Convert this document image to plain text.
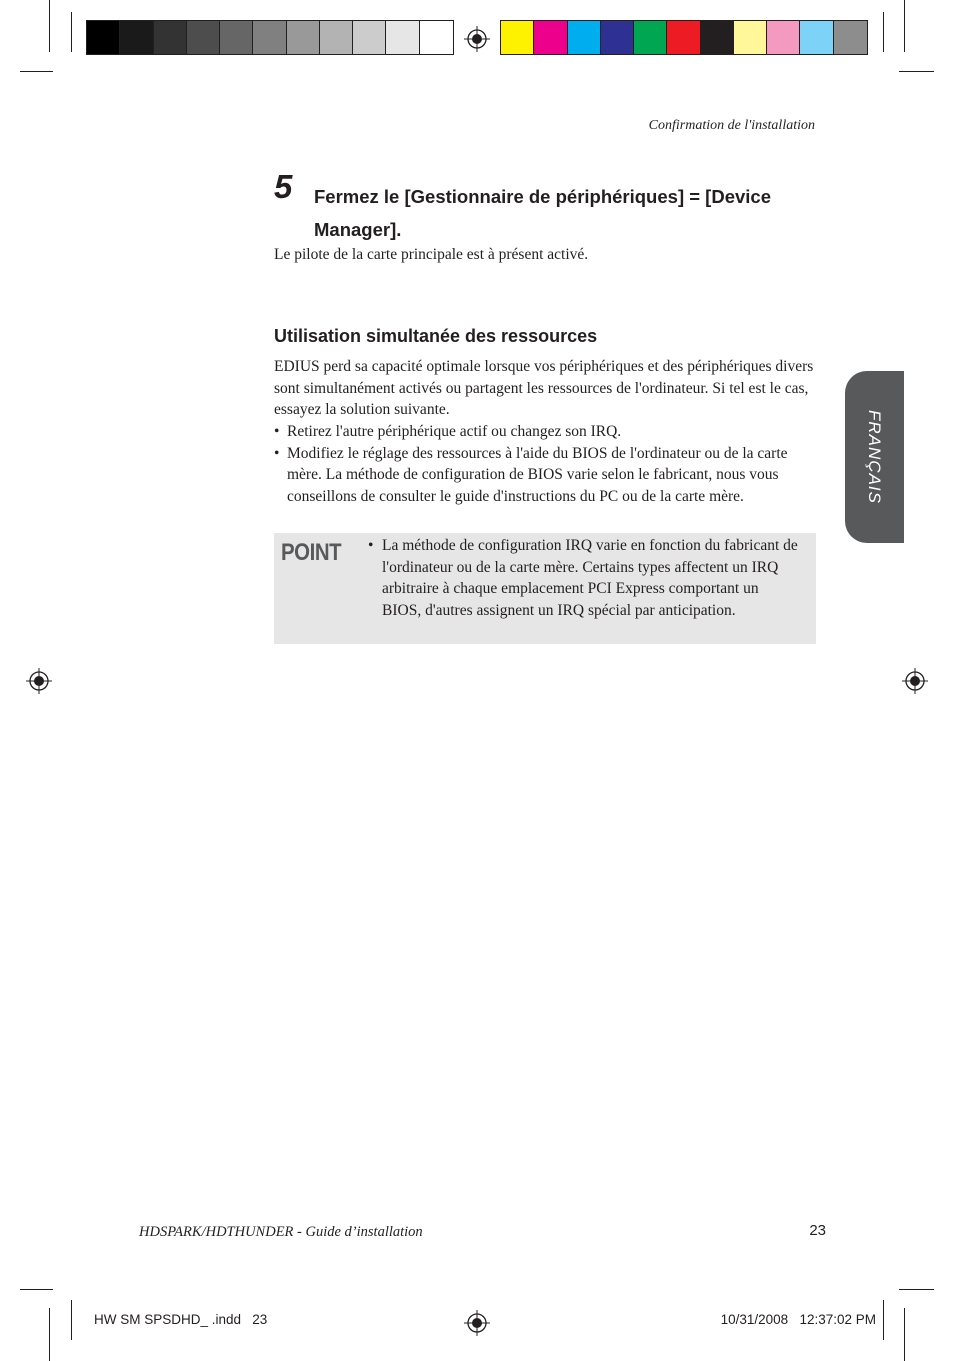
Confirmation de l'installation
5 Fermez le [Gestionnaire de périphériques] = [Device Manager].
Le pilote de la carte principale est à présent activé.
Utilisation simultanée des ressources
EDIUS perd sa capacité optimale lorsque vos périphériques et des périphériques divers sont simultanément activés ou partagent les ressources de l'ordinateur. Si tel est le cas, essayez la solution suivante.
• Retirez l'autre périphérique actif ou changez son IRQ.
• Modifiez le réglage des ressources à l'aide du BIOS de l'ordinateur ou de la carte mère. La méthode de configuration de BIOS varie selon le fabricant, nous vous conseillons de consulter le guide d'instructions du PC ou de la carte mère.
POINT
•	La méthode de configuration IRQ varie en fonction du fabricant de l'ordinateur ou de la carte mère. Certains types affectent un IRQ arbitraire à chaque emplacement PCI Express comportant un BIOS, d'autres assignent un IRQ spécial par anticipation.
FRANÇAIS
HDSPARK/HDTHUNDER - Guide d’installation	23
HW SM SPSDHD_ .indd   23	10/31/2008   12:37:02 PM
